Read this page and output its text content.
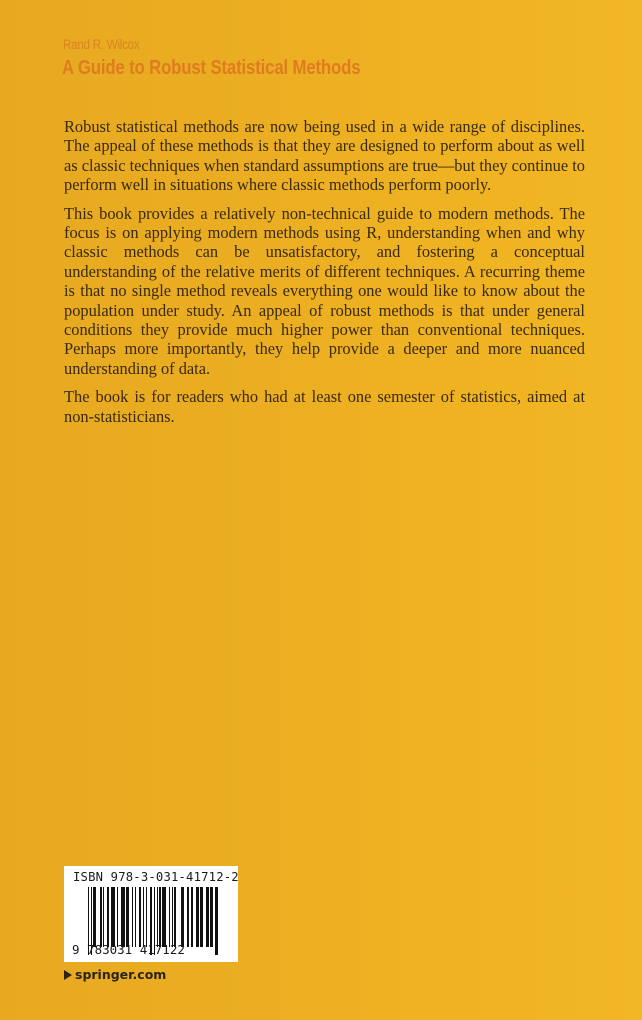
Rand R. Wilcox
A Guide to Robust Statistical Methods

Robust statistical methods are now being used in a wide range of disciplines. The appeal of these methods is that they are designed to perform about as well as classic techniques when standard assumptions are true—but they continue to perform well in situations where classic methods perform poorly.

This book provides a relatively non-technical guide to modern methods. The focus is on applying modern methods using R, understanding when and why classic methods can be unsatisfactory, and fostering a conceptual understanding of the relative merits of different techniques. A recurring theme is that no single method reveals everything one would like to know about the population under study. An appeal of robust methods is that under general conditions they provide much higher power than conventional techniques. Perhaps more importantly, they help provide a deeper and more nuanced understanding of data.

The book is for readers who had at least one semester of statistics, aimed at non-statisticians.

ISBN 978-3-031-41712-2
9 783031 417122
springer.com
